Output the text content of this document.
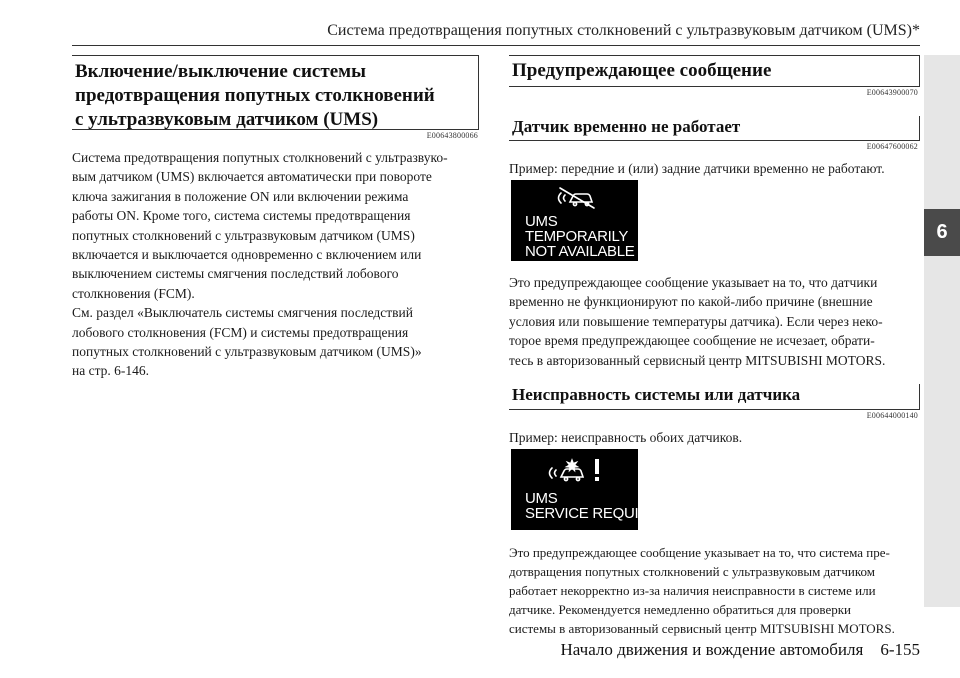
Система предотвращения попутных столкновений с ультразвуковым датчиком (UMS)*
6
Включение/выключение системы
предотвращения попутных столкновений
с ультразвуковым датчиком (UMS)
E00643800066
Система предотвращения попутных столкновений с ультразвуко-
вым датчиком (UMS) включается автоматически при повороте
ключа зажигания в положение ON или включении режима
работы ON. Кроме того, система системы предотвращения
попутных столкновений с ультразвуковым датчиком (UMS)
включается и выключается одновременно с включением или
выключением системы смягчения последствий лобового
столкновения (FCM).
См. раздел «Выключатель системы смягчения последствий
лобового столкновения (FCM) и системы предотвращения
попутных столкновений с ультразвуковым датчиком (UMS)»
на стр. 6-146.
Предупреждающее сообщение
E00643900070
Датчик временно не работает
E00647600062
Пример: передние и (или) задние датчики временно не работают.
UMS
TEMPORARILY
NOT AVAILABLE
Это предупреждающее сообщение указывает на то, что датчики
временно не функционируют по какой-либо причине (внешние
условия или повышение температуры датчика). Если через неко-
торое время предупреждающее сообщение не исчезает, обрати-
тесь в авторизованный сервисный центр MITSUBISHI MOTORS.
Неисправность системы или датчика
E00644000140
Пример: неисправность обоих датчиков.
UMS
SERVICE REQUIRED
Это предупреждающее сообщение указывает на то, что система пре-
дотвращения попутных столкновений с ультразвуковым датчиком
работает некорректно из-за наличия неисправности в системе или
датчике. Рекомендуется немедленно обратиться для проверки
системы в авторизованный сервисный центр MITSUBISHI MOTORS.
Начало движения и вождение автомобиля    6-155
